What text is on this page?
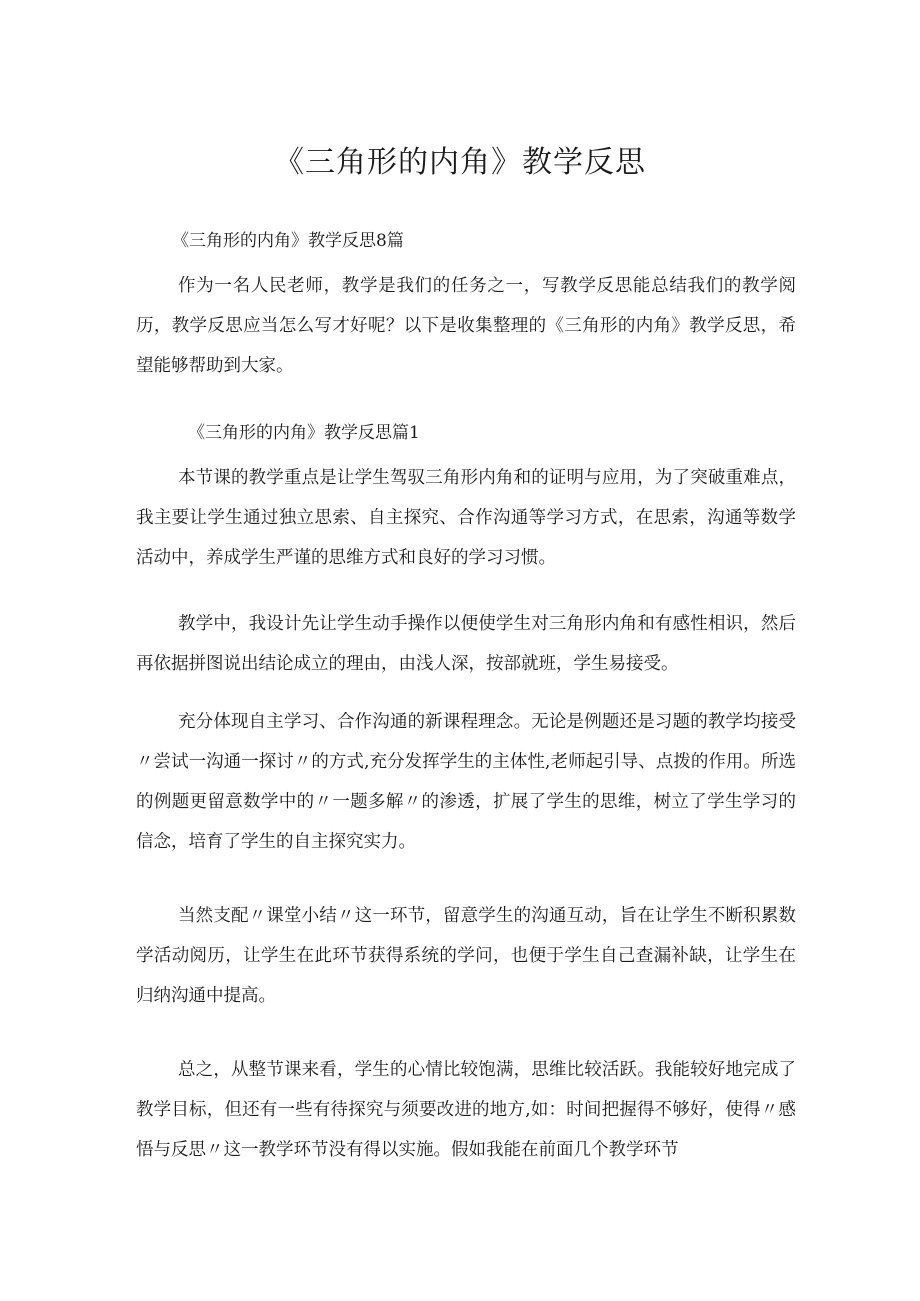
《三角形的内角》教学反思
《三角形的内角》教学反思8篇

作为一名人民老师，教学是我们的任务之一，写教学反思能总结我们的教学阅历，教学反思应当怎么写才好呢？以下是收集整理的《三角形的内角》教学反思，希望能够帮助到大家。

《三角形的内角》教学反思篇1

本节课的教学重点是让学生驾驭三角形内角和的证明与应用，为了突破重难点，我主要让学生通过独立思索、自主探究、合作沟通等学习方式，在思索，沟通等数学活动中，养成学生严谨的思维方式和良好的学习习惯。

教学中，我设计先让学生动手操作以便使学生对三角形内角和有感性相识，然后再依据拼图说出结论成立的理由，由浅人深，按部就班，学生易接受。

充分体现自主学习、合作沟通的新课程理念。无论是例题还是习题的教学均接受〃尝试一沟通一探讨〃的方式,充分发挥学生的主体性,老师起引导、点拨的作用。所选的例题更留意数学中的〃一题多解〃的渗透，扩展了学生的思维，树立了学生学习的信念，培育了学生的自主探究实力。

当然支配〃课堂小结〃这一环节，留意学生的沟通互动，旨在让学生不断积累数学活动阅历，让学生在此环节获得系统的学问，也便于学生自己查漏补缺，让学生在归纳沟通中提高。

总之，从整节课来看，学生的心情比较饱满，思维比较活跃。我能较好地完成了教学目标，但还有一些有待探究与须要改进的地方,如：时间把握得不够好，使得〃感悟与反思〃这一教学环节没有得以实施。假如我能在前面几个教学环节
